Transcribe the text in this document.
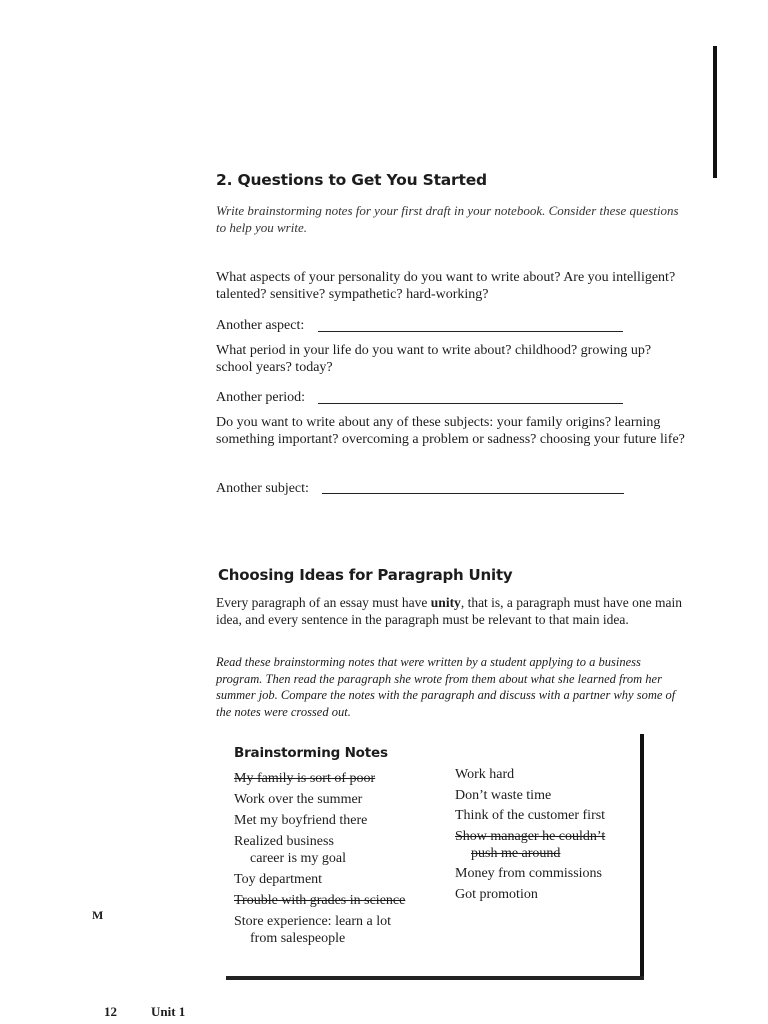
2. Questions to Get You Started
Write brainstorming notes for your first draft in your notebook. Consider these questions to help you write.
What aspects of your personality do you want to write about? Are you intelligent? talented? sensitive? sympathetic? hard-working?
Another aspect:
What period in your life do you want to write about? childhood? growing up? school years? today?
Another period:
Do you want to write about any of these subjects: your family origins? learning something important? overcoming a problem or sadness? choosing your future life?
Another subject:
Choosing Ideas for Paragraph Unity
Every paragraph of an essay must have unity, that is, a paragraph must have one main idea, and every sentence in the paragraph must be relevant to that main idea.
Read these brainstorming notes that were written by a student applying to a business program. Then read the paragraph she wrote from them about what she learned from her summer job. Compare the notes with the paragraph and discuss with a partner why some of the notes were crossed out.
Brainstorming Notes
My family is sort of poor
Work over the summer
Met my boyfriend there
Realized business
career is my goal
Toy department
Trouble with grades in science
Store experience: learn a lot
from salespeople
Work hard
Don’t waste time
Think of the customer first
Show manager he couldn’t
push me around
Money from commissions
Got promotion
M
12	Unit 1
